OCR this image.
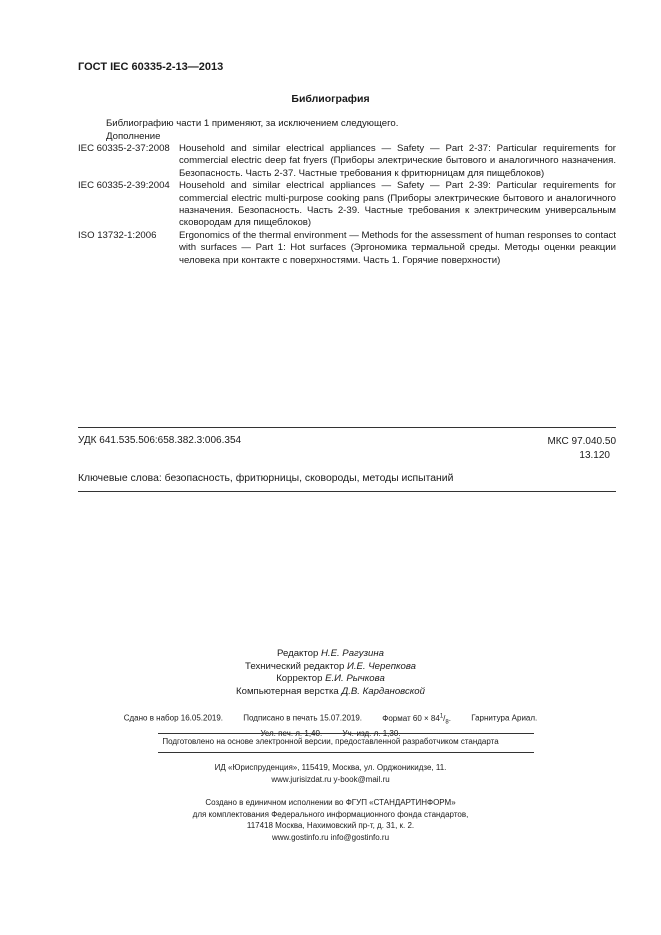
ГОСТ IEC 60335-2-13—2013
Библиография
Библиографию части 1 применяют, за исключением следующего.
Дополнение
IEC 60335-2-37:2008 Household and similar electrical appliances — Safety — Part 2-37: Particular requirements for commercial electric deep fat fryers (Приборы электрические бытового и аналогичного назначения. Безопасность. Часть 2-37. Частные требования к фритюрницам для пищеблоков)
IEC 60335-2-39:2004 Household and similar electrical appliances — Safety — Part 2-39: Particular requirements for commercial electric multi-purpose cooking pans (Приборы электрические бытового и аналогичного назначения. Безопасность. Часть 2-39. Частные требования к электрическим универсальным сковородам для пищеблоков)
ISO 13732-1:2006	Ergonomics of the thermal environment — Methods for the assessment of human responses to contact with surfaces — Part 1: Hot surfaces (Эргономика термальной среды. Методы оценки реакции человека при контакте с поверхностями. Часть 1. Горячие поверхности)
УДК 641.535.506:658.382.3:006.354	МКС 97.040.50
13.120
Ключевые слова: безопасность, фритюрницы, сковороды, методы испытаний
Редактор Н.Е. Рагузина
Технический редактор И.Е. Черепкова
Корректор Е.И. Рычкова
Компьютерная верстка Д.В. Кардановской
Сдано в набор 16.05.2019.	Подписано в печать 15.07.2019.	Формат $60 \times 84^1/_8$.	Гарнитура Ариал.
Подготовлено на основе электронной версии, предоставленной разработчиком стандарта
ИД «Юриспруденция», 115419, Москва, ул. Орджоникидзе, 11.
www.jurisizdat.ru y-book@mail.ru
Создано в единичном исполнении во ФГУП «СТАНДАРТИНФОРМ»
для комплектования Федерального информационного фонда стандартов,
117418 Москва, Нахимовский пр-т, д. 31, к. 2.
www.gostinfo.ru info@gostinfo.ru
